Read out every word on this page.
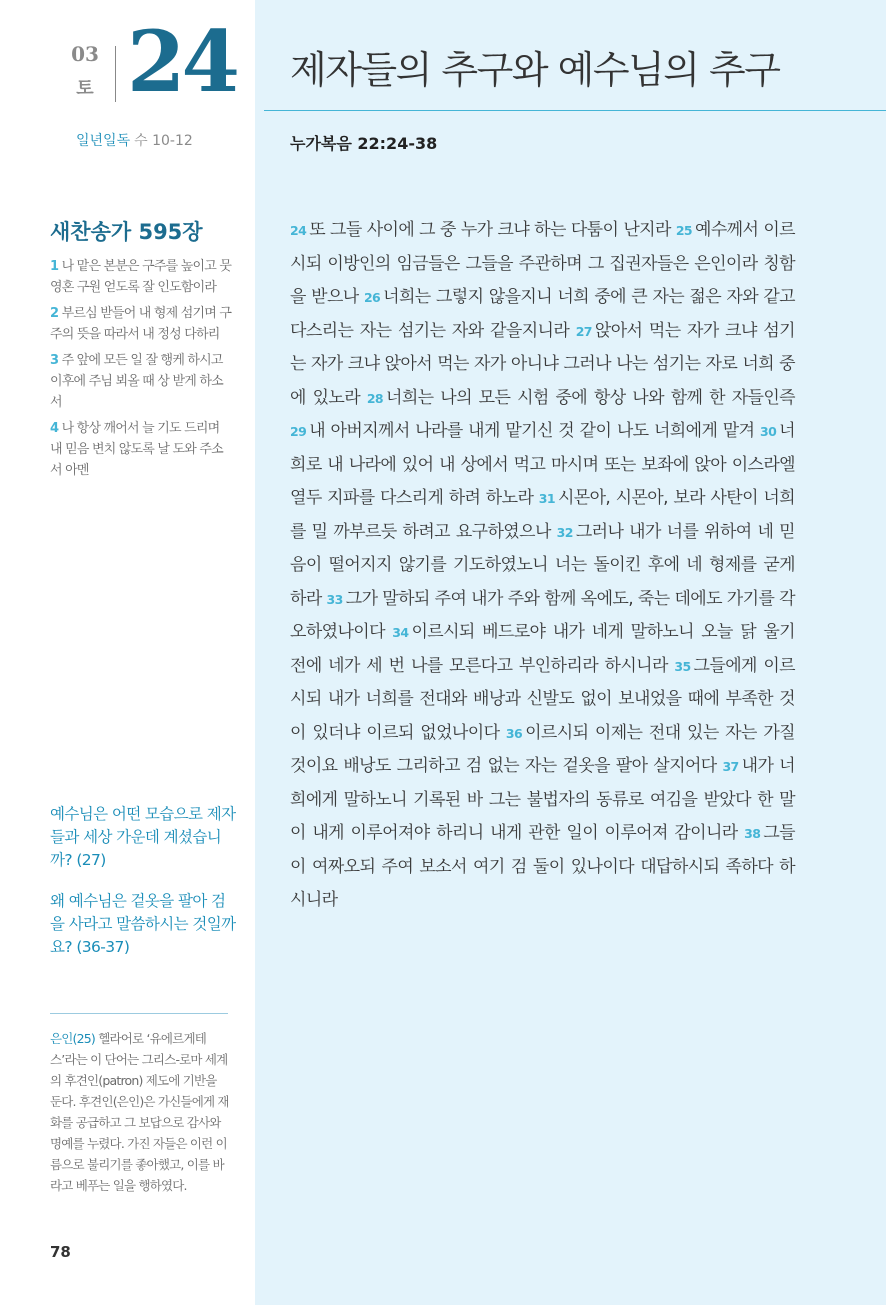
03
토 24
일년일독 수 10-12
새찬송가 595장

1 나 맡은 본분은 구주를 높이고 뭇 영혼 구원 얻도록 잘 인도함이라

2 부르심 받들어 내 형제 섬기며 구주의 뜻을 따라서 내 정성 다하리

3 주 앞에 모든 일 잘 행케 하시고 이후에 주님 뵈올 때 상 받게 하소서

4 나 항상 깨어서 늘 기도 드리며 내 믿음 변치 않도록 날 도와 주소서 아멘

예수님은 어떤 모습으로 제자들과 세상 가운데 계셨습니까? (27)

왜 예수님은 겉옷을 팔아 검을 사라고 말씀하시는 것일까요? (36-37)

은인(25) 헬라어로 ‘유에르게테스’라는 이 단어는 그리스-로마 세계의 후견인(patron) 제도에 기반을 둔다. 후견인(은인)은 가신들에게 재화를 공급하고 그 보답으로 감사와 명예를 누렸다. 가진 자들은 이런 이름으로 불리기를 좋아했고, 이를 바라고 베푸는 일을 행하였다.
78
제자들의 추구와 예수님의 추구
누가복음 22:24-38
24 또 그들 사이에 그 중 누가 크냐 하는 다툼이 난지라 25 예수께서 이르시되 이방인의 임금들은 그들을 주관하며 그 집권자들은 은인이라 칭함을 받으나 26 너희는 그렇지 않을지니 너희 중에 큰 자는 젊은 자와 같고 다스리는 자는 섬기는 자와 같을지니라 27 앉아서 먹는 자가 크냐 섬기는 자가 크냐 앉아서 먹는 자가 아니냐 그러나 나는 섬기는 자로 너희 중에 있노라 28 너희는 나의 모든 시험 중에 항상 나와 함께 한 자들인즉 29 내 아버지께서 나라를 내게 맡기신 것 같이 나도 너희에게 맡겨 30 너희로 내 나라에 있어 내 상에서 먹고 마시며 또는 보좌에 앉아 이스라엘 열두 지파를 다스리게 하려 하노라 31 시몬아, 시몬아, 보라 사탄이 너희를 밀 까부르듯 하려고 요구하였으나 32 그러나 내가 너를 위하여 네 믿음이 떨어지지 않기를 기도하였노니 너는 돌이킨 후에 네 형제를 굳게 하라 33 그가 말하되 주여 내가 주와 함께 옥에도, 죽는 데에도 가기를 각오하였나이다 34 이르시되 베드로야 내가 네게 말하노니 오늘 닭 울기 전에 네가 세 번 나를 모른다고 부인하리라 하시니라 35 그들에게 이르시되 내가 너희를 전대와 배낭과 신발도 없이 보내었을 때에 부족한 것이 있더냐 이르되 없었나이다 36 이르시되 이제는 전대 있는 자는 가질 것이요 배낭도 그리하고 검 없는 자는 겉옷을 팔아 살지어다 37 내가 너희에게 말하노니 기록된 바 그는 불법자의 동류로 여김을 받았다 한 말이 내게 이루어져야 하리니 내게 관한 일이 이루어져 감이니라 38 그들이 여짜오되 주여 보소서 여기 검 둘이 있나이다 대답하시되 족하다 하시니라
